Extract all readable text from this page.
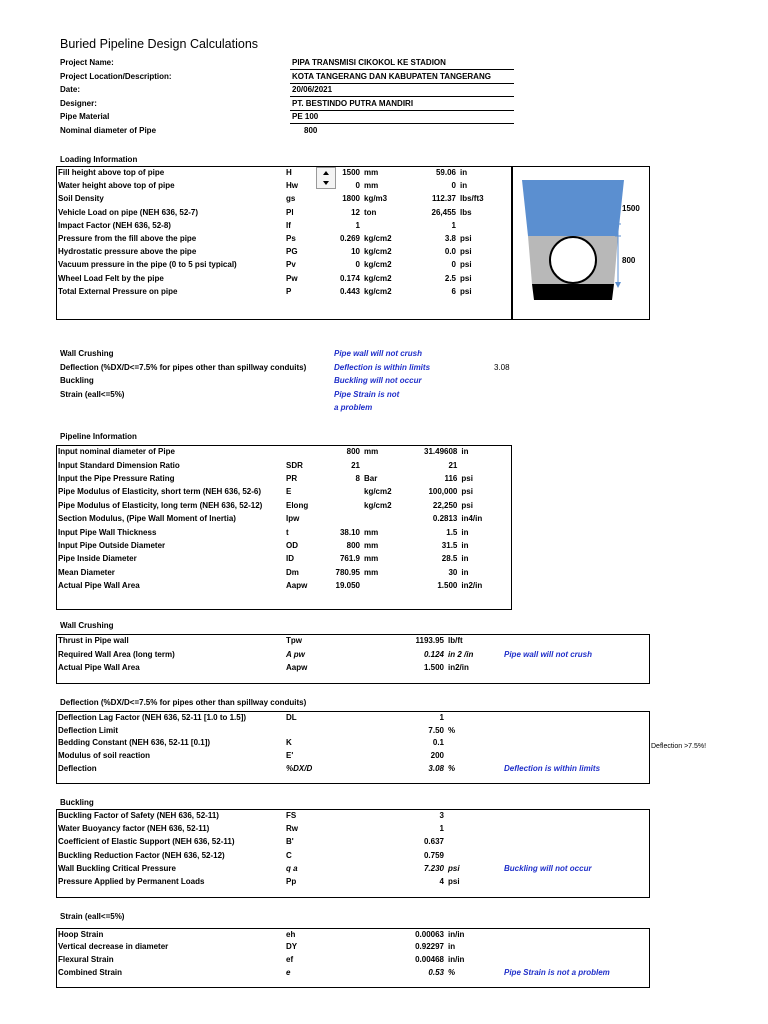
Buried Pipeline Design Calculations
Project Name:	PIPA TRANSMISI CIKOKOL KE STADION
Project Location/Description:	KOTA TANGERANG DAN KABUPATEN TANGERANG
Date:	20/06/2021
Designer:	PT. BESTINDO PUTRA MANDIRI
Pipe Material	PE 100
Nominal diameter of Pipe	800
Loading Information
Fill height above top of pipe	H	1500	mm	59.06	in
Water height above top of pipe	Hw	0	mm	0	in
Soil Density	gs	1800	kg/m3	112.37	lbs/ft3
Vehicle Load on pipe (NEH 636, 52-7)	Pl	12	ton	26,455	lbs
Impact Factor (NEH 636, 52-8)	If	1		1	
Pressure from the fill above the pipe	Ps	0.269	kg/cm2	3.8	psi
Hydrostatic pressure above the pipe	PG	10	kg/cm2	0.0	psi
Vacuum pressure in the pipe (0 to 5 psi typical)	Pv	0	kg/cm2	0	psi
Wheel Load Felt by the pipe	Pw	0.174	kg/cm2	2.5	psi
Total External Pressure on pipe	P	0.443	kg/cm2	6	psi
1500
800
Wall Crushing	Pipe wall will not crush
Deflection (%DX/D<=7.5% for pipes other than spillway conduits)	Deflection is within limits	3.08
Buckling	Buckling will not occur
Strain (eall<=5%)	Pipe Strain is not
a problem
Pipeline Information
Input nominal diameter of Pipe		800	mm	31.49608	in
Input Standard Dimension Ratio	SDR	21		21	
Input the Pipe Pressure Rating	PR	8	Bar	116	psi
Pipe Modulus of Elasticity, short term (NEH 636, 52-6)	E		kg/cm2	100,000	psi
Pipe Modulus of Elasticity, long term (NEH 636, 52-12)	Elong		kg/cm2	22,250	psi
Section Modulus, (Pipe Wall Moment of Inertia)	Ipw			0.2813	in4/in
Input Pipe Wall Thickness	t	38.10	mm	1.5	in
Input Pipe Outside Diameter	OD	800	mm	31.5	in
Pipe Inside Diameter	ID	761.9	mm	28.5	in
Mean Diameter	Dm	780.95	mm	30	in
Actual Pipe Wall Area	Aapw	19.050		1.500	in2/in
Wall Crushing
Thrust in Pipe wall	Tpw	1193.95	lb/ft	
Required Wall Area (long term)	A pw	0.124	in 2 /in	Pipe wall will not crush
Actual Pipe Wall Area	Aapw	1.500	in2/in	
Deflection (%DX/D<=7.5% for pipes other than spillway conduits)
Deflection Lag Factor (NEH 636, 52-11 [1.0 to 1.5])	DL	1		
Deflection Limit		7.50	%	
Bedding Constant (NEH 636, 52-11 [0.1])	K	0.1		
Modulus of soil reaction	E'	200		
Deflection	%DX/D	3.08	%	Deflection is within limits
Deflection >7.5%!
Buckling
Buckling Factor of Safety (NEH 636, 52-11)	FS	3		
Water Buoyancy factor (NEH 636, 52-11)	Rw	1		
Coefficient of Elastic Support (NEH 636, 52-11)	B'	0.637		
Buckling Reduction Factor (NEH 636, 52-12)	C	0.759		
Wall Buckling Critical Pressure	q a	7.230	psi	Buckling will not occur
Pressure Applied by Permanent Loads	Pp	4	psi	
Strain (eall<=5%)
Hoop Strain	eh	0.00063	in/in	
Vertical decrease in diameter	DY	0.92297	in	
Flexural Strain	ef	0.00468	in/in	
Combined Strain	e	0.53	%	Pipe Strain is not a problem
